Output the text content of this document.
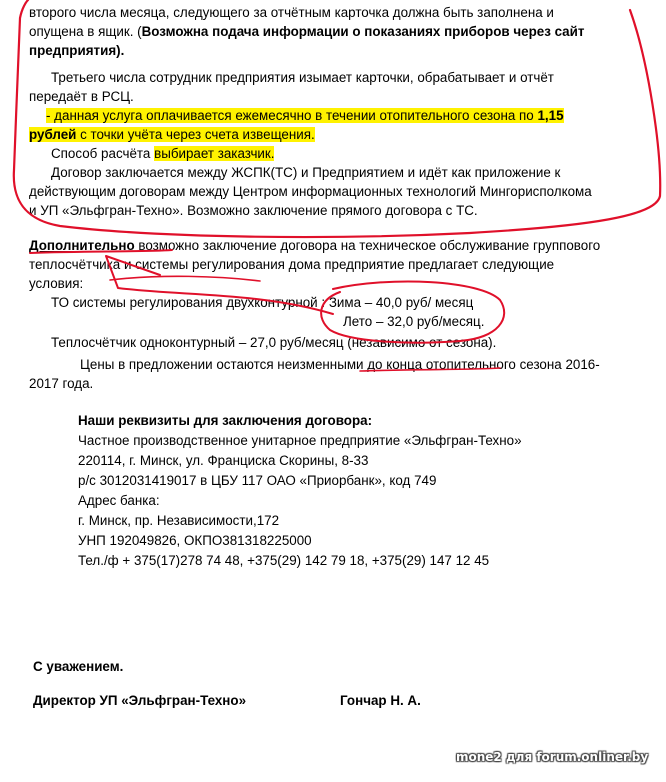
второго числа месяца, следующего за отчётным карточка должна быть заполнена и
опущена в ящик. (Возможна подача информации о показаниях приборов через сайт
предприятия).
Третьего числа сотрудник предприятия изымает карточки, обрабатывает и отчёт
передаёт в РСЦ.
- данная услуга оплачивается ежемесячно в течении отопительного сезона по 1,15
рублей с точки учёта через счета извещения.
Способ расчёта выбирает заказчик.
Договор заключается между ЖСПК(ТС) и Предприятием и идёт как приложение к
действующим договорам между Центром информационных технологий Мингорисполкома
и УП «Эльфгран-Техно». Возможно заключение прямого договора с ТС.
Дополнительно возможно заключение договора на техническое обслуживание группового
теплосчётчика и системы регулирования дома предприятие предлагает следующие
условия:
ТО системы регулирования двухконтурной : Зима – 40,0 руб/ месяц
Лето – 32,0 руб/месяц.
Теплосчётчик одноконтурный – 27,0 руб/месяц (независимо от сезона).
Цены в предложении остаются неизменными до конца отопительного сезона 2016-
2017 года.
Наши реквизиты для заключения договора:
Частное производственное унитарное предприятие «Эльфгран-Техно»
220114, г. Минск, ул. Франциска Скорины, 8-33
р/с 3012031419017 в ЦБУ 117 ОАО «Приорбанк», код 749
Адрес банка:
г. Минск, пр. Независимости,172
УНП 192049826, ОКПО381318225000
Тел./ф + 375(17)278 74 48, +375(29) 142 79 18, +375(29) 147 12 45
С уважением.
Директор УП «Эльфгран-Техно»	Гончар Н. А.
mone2 для forum.onliner.by
